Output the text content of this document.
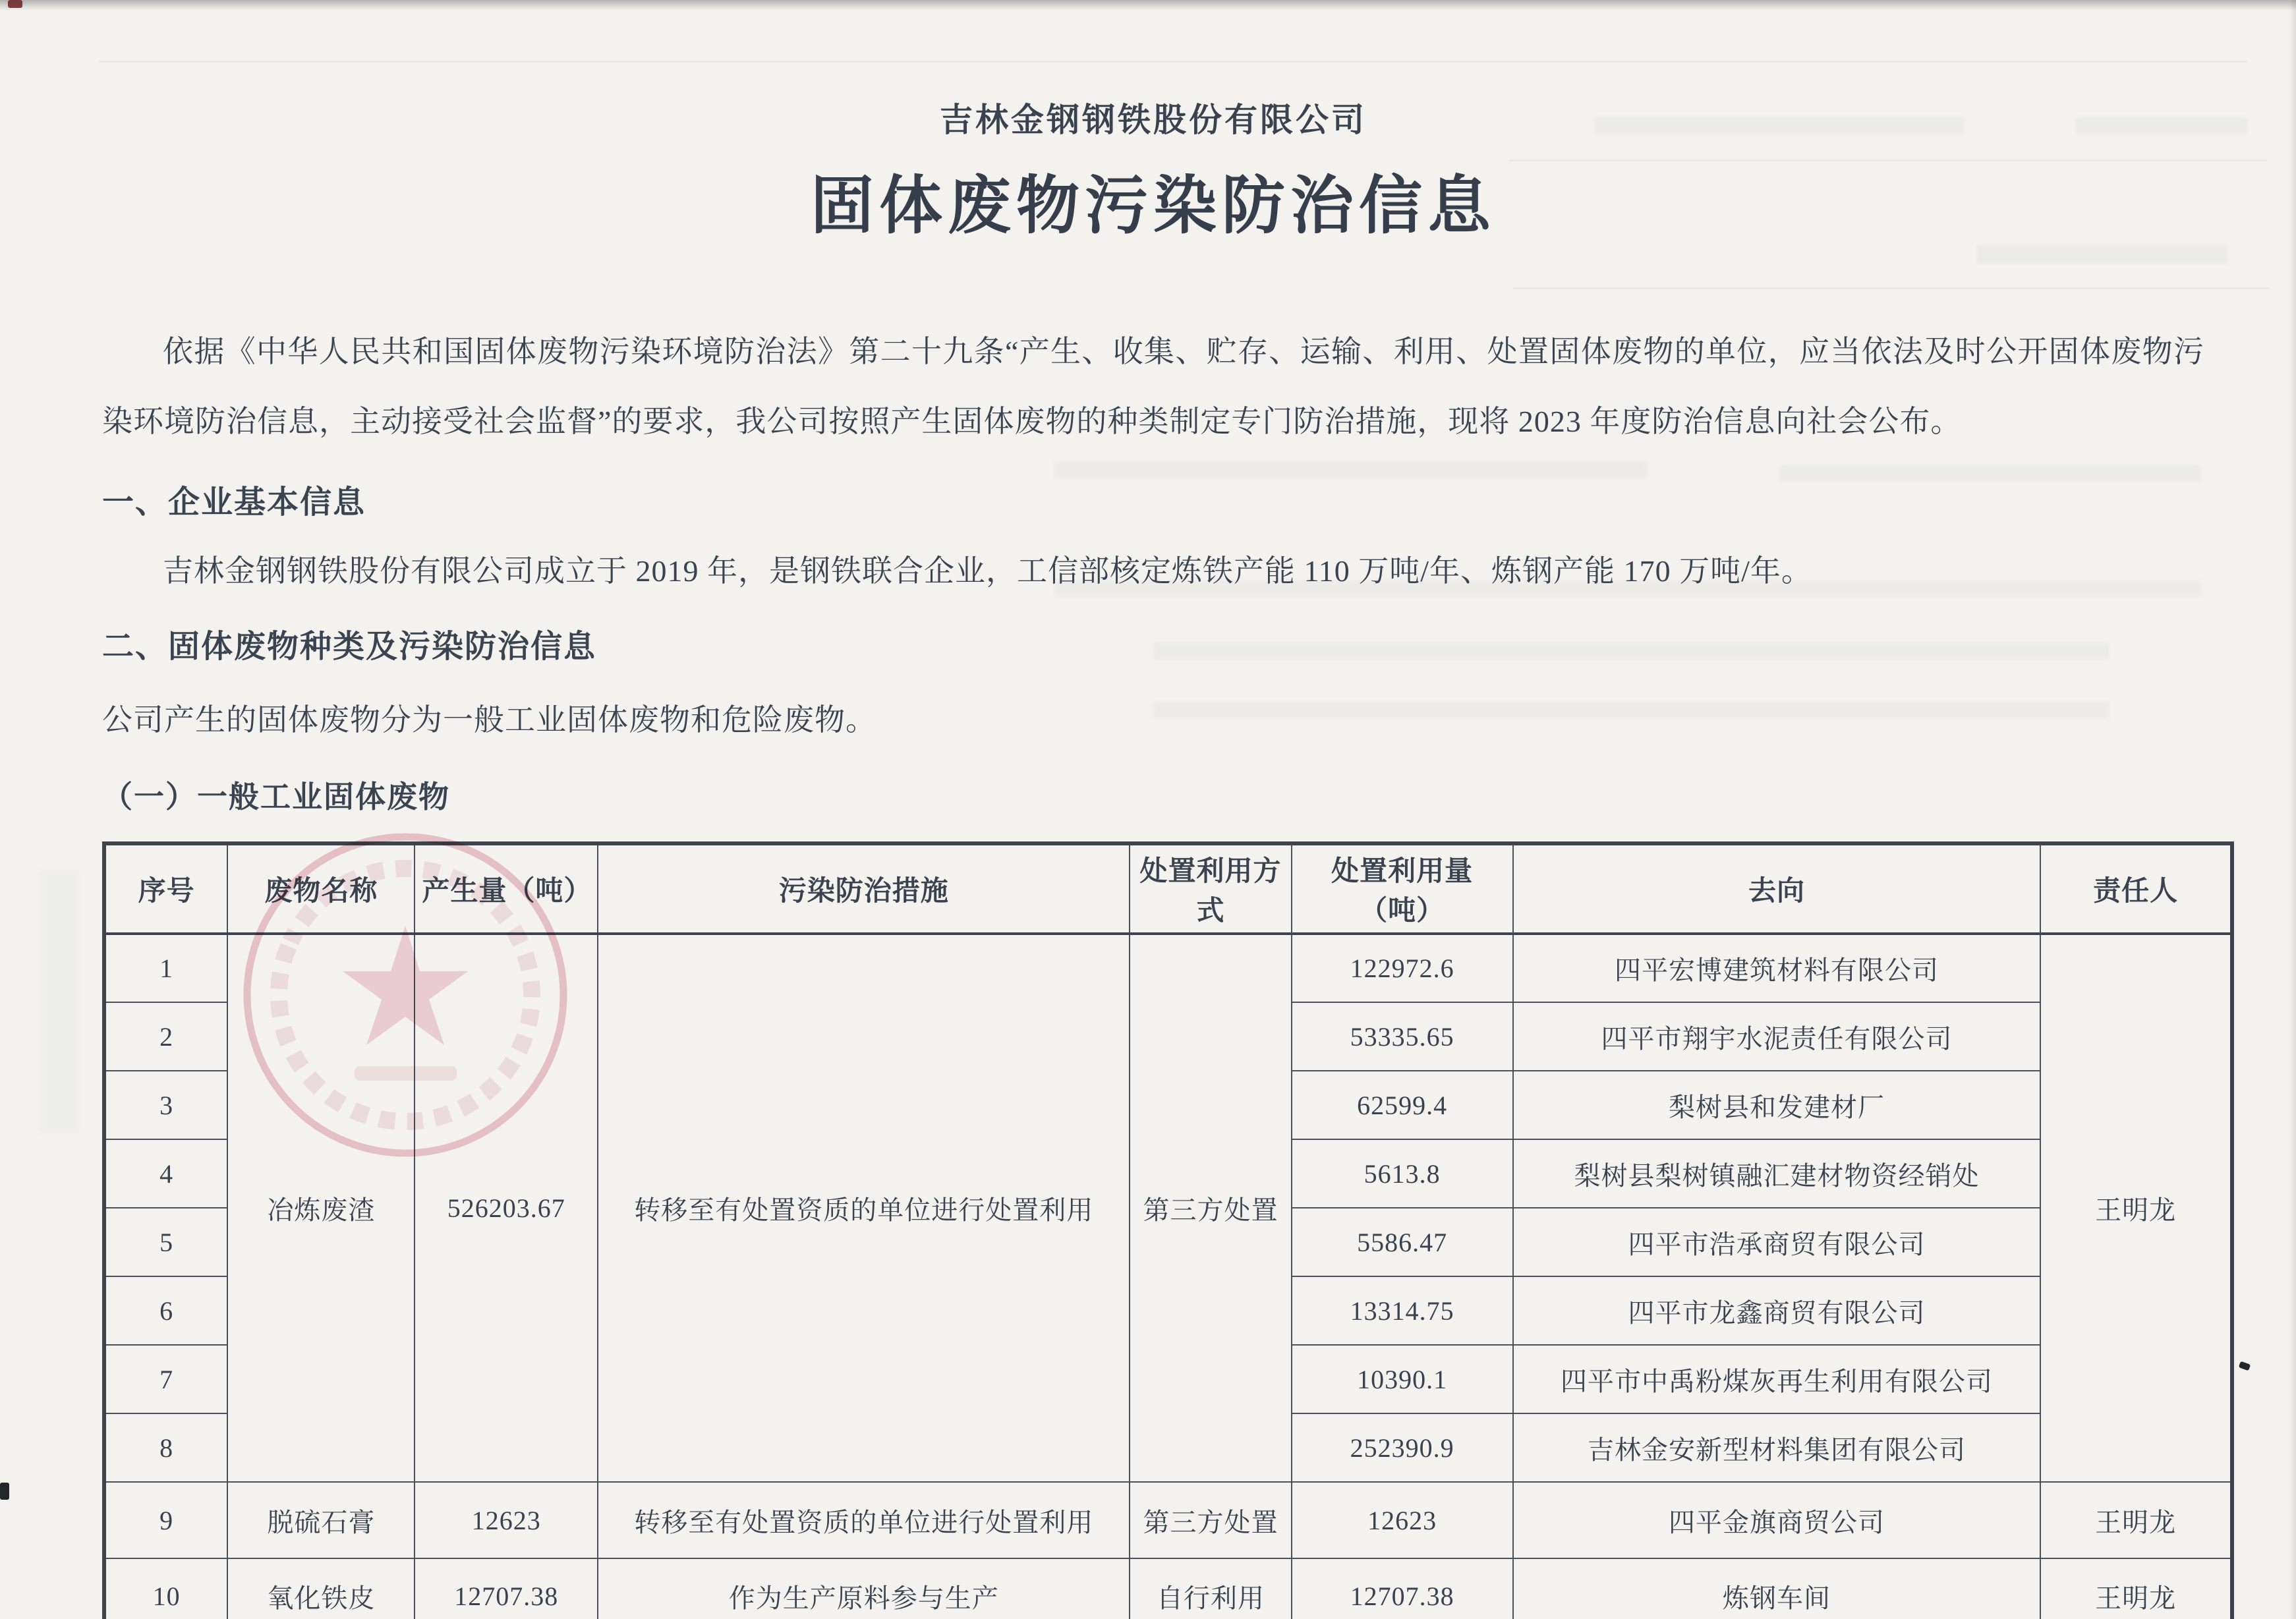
吉林金钢钢铁股份有限公司
固体废物污染防治信息

依据《中华人民共和国固体废物污染环境防治法》第二十九条“产生、收集、贮存、运输、利用、处置固体废物的单位，应当依法及时公开固体废物污染环境防治信息，主动接受社会监督”的要求，我公司按照产生固体废物的种类制定专门防治措施，现将 2023 年度防治信息向社会公布。

一、企业基本信息

吉林金钢钢铁股份有限公司成立于 2019 年，是钢铁联合企业，工信部核定炼铁产能 110 万吨/年、炼钢产能 170 万吨/年。

二、固体废物种类及污染防治信息

公司产生的固体废物分为一般工业固体废物和危险废物。

（一）一般工业固体废物
序号	废物名称	产生量（吨）	污染防治措施	处置利用方式	处置利用量（吨）	去向	责任人
1	冶炼废渣	526203.67	转移至有处置资质的单位进行处置利用	第三方处置	122972.6	四平宏博建筑材料有限公司	王明龙
2					53335.65	四平市翔宇水泥责任有限公司	
3					62599.4	梨树县和发建材厂	
4					5613.8	梨树县梨树镇融汇建材物资经销处	
5					5586.47	四平市浩承商贸有限公司	
6					13314.75	四平市龙鑫商贸有限公司	
7					10390.1	四平市中禹粉煤灰再生利用有限公司	
8					252390.9	吉林金安新型材料集团有限公司	
9	脱硫石膏	12623	转移至有处置资质的单位进行处置利用	第三方处置	12623	四平金旗商贸公司	王明龙
10	氧化铁皮	12707.38	作为生产原料参与生产	自行利用	12707.38	炼钢车间	王明龙
